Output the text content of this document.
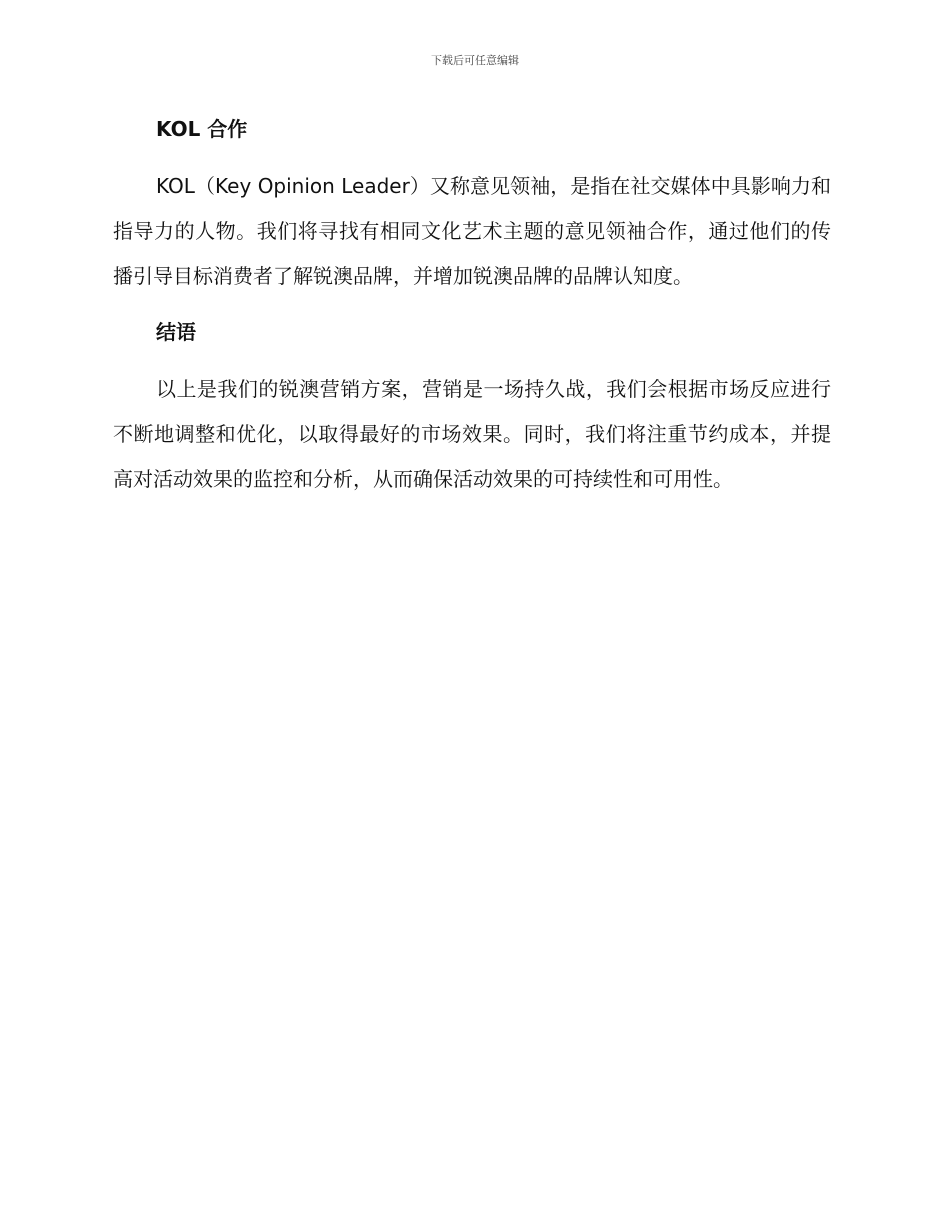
下载后可任意编辑
KOL 合作

KOL（Key Opinion Leader）又称意见领袖，是指在社交媒体中具影响力和指导力的人物。我们将寻找有相同文化艺术主题的意见领袖合作，通过他们的传播引导目标消费者了解锐澳品牌，并增加锐澳品牌的品牌认知度。

结语

以上是我们的锐澳营销方案，营销是一场持久战，我们会根据市场反应进行不断地调整和优化，以取得最好的市场效果。同时，我们将注重节约成本，并提高对活动效果的监控和分析，从而确保活动效果的可持续性和可用性。
